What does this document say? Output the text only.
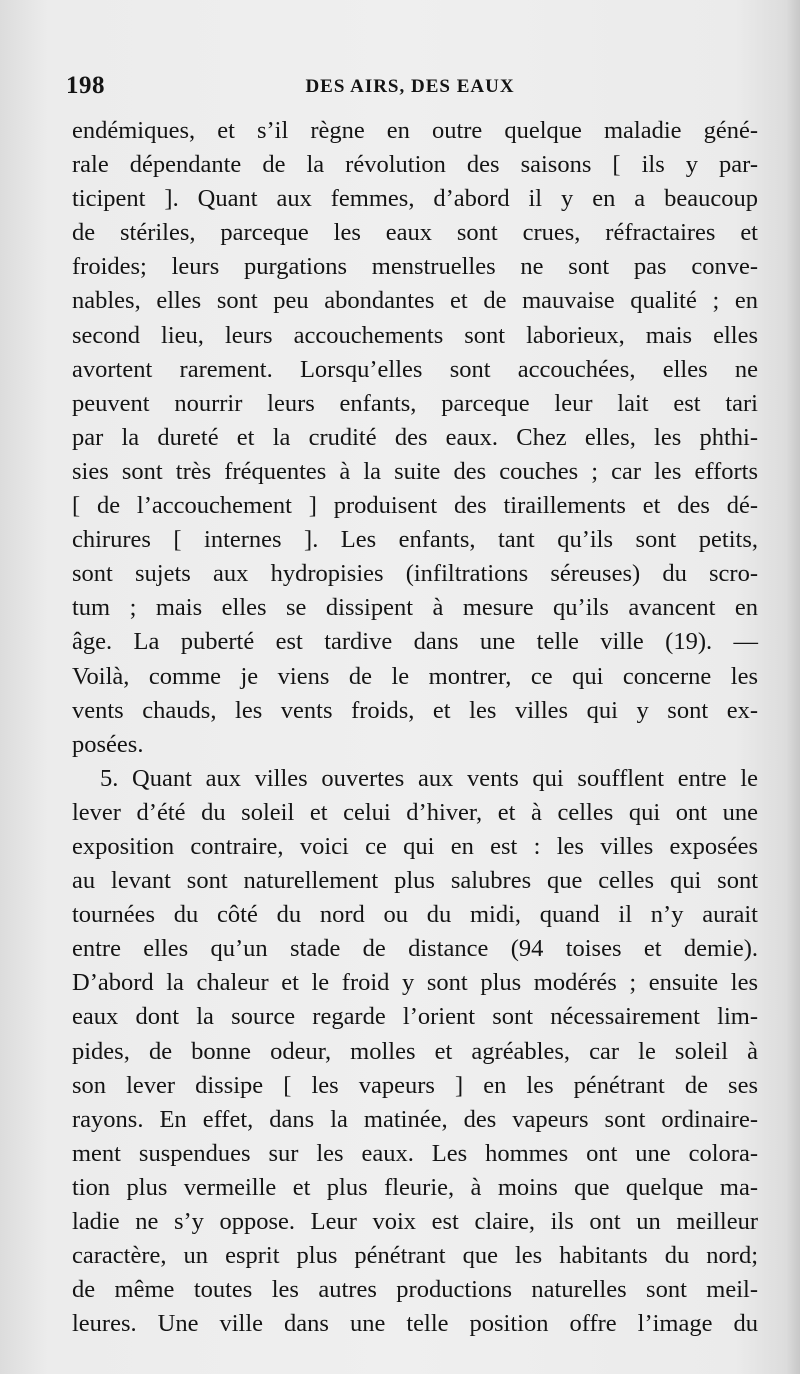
198	DES AIRS, DES EAUX
endémiques, et s’il règne en outre quelque maladie géné-
rale dépendante de la révolution des saisons [ ils y par-
ticipent ]. Quant aux femmes, d’abord il y en a beaucoup
de stériles, parceque les eaux sont crues, réfractaires et
froides; leurs purgations menstruelles ne sont pas conve-
nables, elles sont peu abondantes et de mauvaise qualité ; en
second lieu, leurs accouchements sont laborieux, mais elles
avortent rarement. Lorsqu’elles sont accouchées, elles ne
peuvent nourrir leurs enfants, parceque leur lait est tari
par la dureté et la crudité des eaux. Chez elles, les phthi-
sies sont très fréquentes à la suite des couches ; car les efforts
[ de l’accouchement ] produisent des tiraillements et des dé-
chirures [ internes ]. Les enfants, tant qu’ils sont petits,
sont sujets aux hydropisies (infiltrations séreuses) du scro-
tum ; mais elles se dissipent à mesure qu’ils avancent en
âge. La puberté est tardive dans une telle ville (19). —
Voilà, comme je viens de le montrer, ce qui concerne les
vents chauds, les vents froids, et les villes qui y sont ex-
posées.
5. Quant aux villes ouvertes aux vents qui soufflent entre le
lever d’été du soleil et celui d’hiver, et à celles qui ont une
exposition contraire, voici ce qui en est : les villes exposées
au levant sont naturellement plus salubres que celles qui sont
tournées du côté du nord ou du midi, quand il n’y aurait
entre elles qu’un stade de distance (94 toises et demie).
D’abord la chaleur et le froid y sont plus modérés ; ensuite les
eaux dont la source regarde l’orient sont nécessairement lim-
pides, de bonne odeur, molles et agréables, car le soleil à
son lever dissipe [ les vapeurs ] en les pénétrant de ses
rayons. En effet, dans la matinée, des vapeurs sont ordinaire-
ment suspendues sur les eaux. Les hommes ont une colora-
tion plus vermeille et plus fleurie, à moins que quelque ma-
ladie ne s’y oppose. Leur voix est claire, ils ont un meilleur
caractère, un esprit plus pénétrant que les habitants du nord;
de même toutes les autres productions naturelles sont meil-
leures. Une ville dans une telle position offre l’image du
